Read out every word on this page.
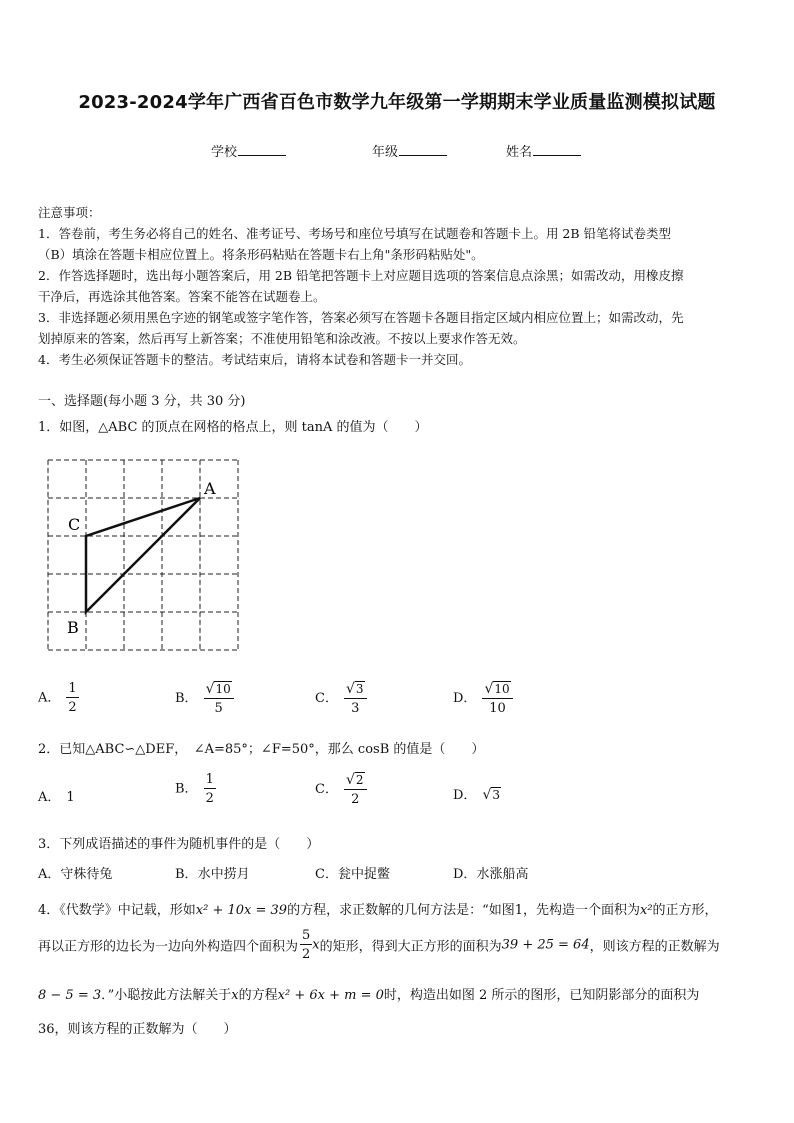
2023-2024学年广西省百色市数学九年级第一学期期末学业质量监测模拟试题
学校	年级	姓名
注意事项：
1．答卷前，考生务必将自己的姓名、准考证号、考场号和座位号填写在试题卷和答题卡上。用 2B 铅笔将试卷类型
（B）填涂在答题卡相应位置上。将条形码粘贴在答题卡右上角"条形码粘贴处"。
2．作答选择题时，选出每小题答案后，用 2B 铅笔把答题卡上对应题目选项的答案信息点涂黑；如需改动，用橡皮擦
干净后，再选涂其他答案。答案不能答在试题卷上。
3．非选择题必须用黑色字迹的钢笔或签字笔作答，答案必须写在答题卡各题目指定区域内相应位置上；如需改动，先
划掉原来的答案，然后再写上新答案；不准使用铅笔和涂改液。不按以上要求作答无效。
4．考生必须保证答题卡的整洁。考试结束后，请将本试卷和答题卡一并交回。
一、选择题(每小题 3 分，共 30 分)
1．如图，△ABC 的顶点在网格的格点上，则 tanA 的值为（　　）
A
C
B
A． $\frac{1}{2}$	B． $\frac{√10}{5}$	C． $\frac{√3}{3}$	D． $\frac{√10}{10}$
2．已知△ABC∽△DEF，　∠A=85°；∠F=50°，那么 cosB 的值是（　　）
A． 1
B． $\frac{1}{2}$	C． $\frac{√2}{2}$	D． √3
3．下列成语描述的事件为随机事件的是（　　）
A．守株待兔	B．水中捞月	C．瓮中捉鳖	D．水涨船高
4．《代数学》中记载，形如x² + 10x = 39的方程，求正数解的几何方法是：“如图1，先构造一个面积为x²的正方形，
再以正方形的边长为一边向外构造四个面积为 $\frac{5}{2}$ x的矩形，得到大正方形的面积为39 + 25 = 64，则该方程的正数解为
8 − 5 = 3．”小聪按此方法解关于x的方程x² + 6x + m = 0时，构造出如图 2 所示的图形，已知阴影部分的面积为
36，则该方程的正数解为（　　）
